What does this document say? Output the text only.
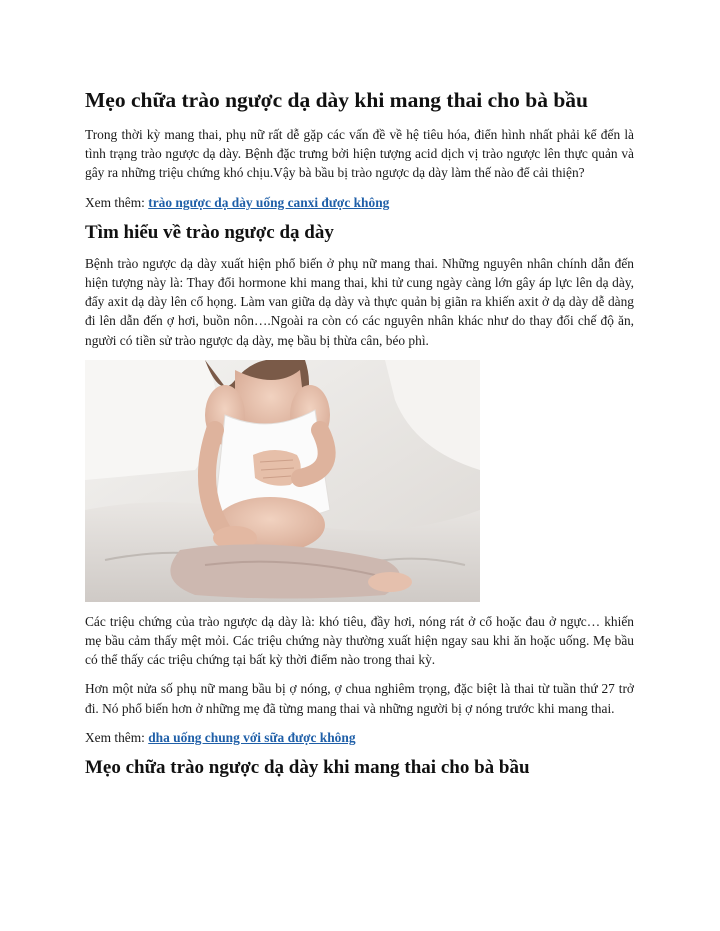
Mẹo chữa trào ngược dạ dày khi mang thai cho bà bầu

Trong thời kỳ mang thai, phụ nữ rất dễ gặp các vấn đề về hệ tiêu hóa, điển hình nhất phải kể đến là tình trạng trào ngược dạ dày. Bệnh đặc trưng bởi hiện tượng acid dịch vị trào ngược lên thực quản và gây ra những triệu chứng khó chịu.Vậy bà bầu bị trào ngược dạ dày làm thế nào để cải thiện?

Xem thêm: trào ngược dạ dày uống canxi được không

Tìm hiểu về trào ngược dạ dày

Bệnh trào ngược dạ dày xuất hiện phổ biến ở phụ nữ mang thai. Những nguyên nhân chính dẫn đến hiện tượng này là: Thay đổi hormone khi mang thai, khi tử cung ngày càng lớn gây áp lực lên dạ dày, đẩy axit dạ dày lên cổ họng. Làm van giữa dạ dày và thực quản bị giãn ra khiến axit ở dạ dày dễ dàng đi lên dẫn đến ợ hơi, buồn nôn….Ngoài ra còn có các nguyên nhân khác như do thay đổi chế độ ăn, người có tiền sử trào ngược dạ dày, mẹ bầu bị thừa cân, béo phì.

Các triệu chứng của trào ngược dạ dày là: khó tiêu, đầy hơi, nóng rát ở cổ hoặc đau ở ngực… khiến mẹ bầu cảm thấy mệt mỏi. Các triệu chứng này thường xuất hiện ngay sau khi ăn hoặc uống. Mẹ bầu có thể thấy các triệu chứng tại bất kỳ thời điểm nào trong thai kỳ.

Hơn một nửa số phụ nữ mang bầu bị ợ nóng, ợ chua nghiêm trọng, đặc biệt là thai từ tuần thứ 27 trở đi. Nó phổ biến hơn ở những mẹ đã từng mang thai và những người bị ợ nóng trước khi mang thai.

Xem thêm: dha uống chung với sữa được không

Mẹo chữa trào ngược dạ dày khi mang thai cho bà bầu
